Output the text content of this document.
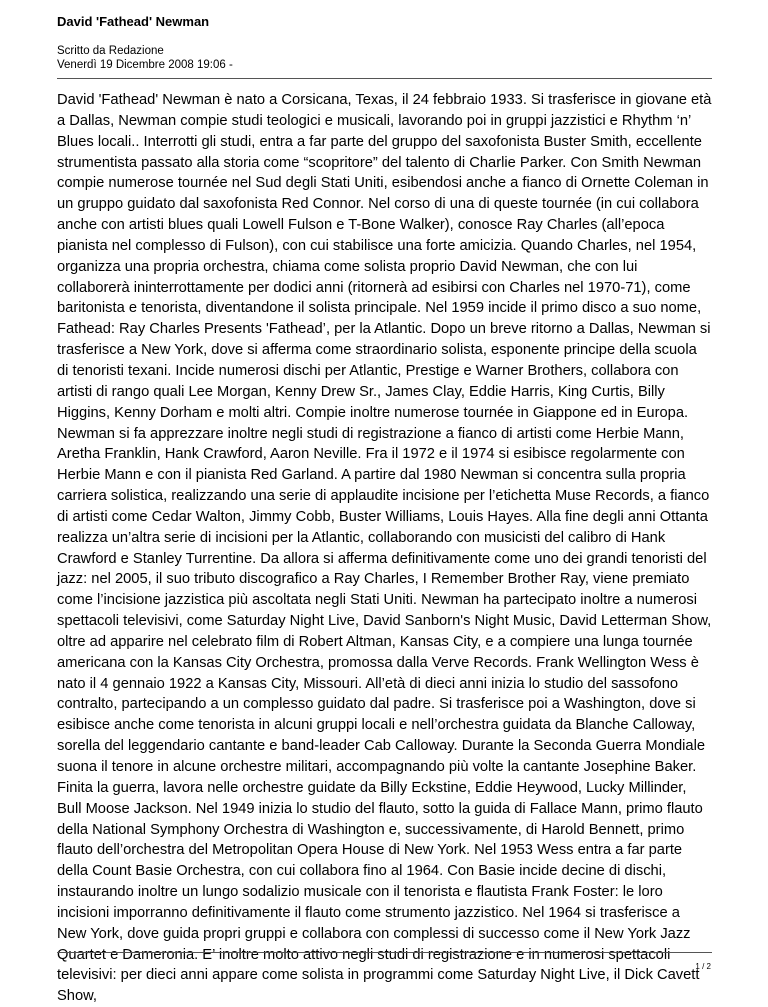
David 'Fathead' Newman
Scritto da Redazione
Venerdì 19 Dicembre 2008 19:06 -
David 'Fathead' Newman è nato a Corsicana, Texas, il 24 febbraio 1933. Si trasferisce in giovane età a Dallas, Newman compie studi teologici e musicali, lavorando poi in gruppi jazzistici e Rhythm ‘n’ Blues locali.. Interrotti gli studi, entra a far parte del gruppo del saxofonista Buster Smith, eccellente strumentista passato alla storia come “scopritore” del talento di Charlie Parker. Con Smith Newman compie numerose tournée nel Sud degli Stati Uniti, esibendosi anche a fianco di Ornette Coleman in un gruppo guidato dal saxofonista Red Connor. Nel corso di una di queste tournée (in cui collabora anche con artisti blues quali Lowell Fulson e T-Bone Walker), conosce Ray Charles (all’epoca pianista nel complesso di Fulson), con cui stabilisce una forte amicizia. Quando Charles, nel 1954, organizza una propria orchestra, chiama come solista proprio David Newman, che con lui collaborerà ininterrottamente per dodici anni (ritornerà ad esibirsi con Charles nel 1970-71), come baritonista e tenorista, diventandone il solista principale. Nel 1959 incide il primo disco a suo nome, Fathead: Ray Charles Presents 'Fathead’, per la Atlantic. Dopo un breve ritorno a Dallas, Newman si trasferisce a New York, dove si afferma come straordinario solista, esponente principe della scuola di tenoristi texani. Incide numerosi dischi per Atlantic, Prestige e Warner Brothers, collabora con artisti di rango quali Lee Morgan, Kenny Drew Sr., James Clay, Eddie Harris, King Curtis, Billy Higgins, Kenny Dorham e molti altri. Compie inoltre numerose tournée in Giappone ed in Europa. Newman si fa apprezzare inoltre negli studi di registrazione a fianco di artisti come Herbie Mann, Aretha Franklin, Hank Crawford, Aaron Neville. Fra il 1972 e il 1974 si esibisce regolarmente con Herbie Mann e con il pianista Red Garland. A partire dal 1980 Newman si concentra sulla propria carriera solistica, realizzando una serie di applaudite incisione per l’etichetta Muse Records, a fianco di artisti come Cedar Walton, Jimmy Cobb, Buster Williams, Louis Hayes. Alla fine degli anni Ottanta realizza un’altra serie di incisioni per la Atlantic, collaborando con musicisti del calibro di Hank Crawford e Stanley Turrentine. Da allora si afferma definitivamente come uno dei grandi tenoristi del jazz: nel 2005, il suo tributo discografico a Ray Charles, I Remember Brother Ray, viene premiato come l’incisione jazzistica più ascoltata negli Stati Uniti. Newman ha partecipato inoltre a numerosi spettacoli televisivi, come Saturday Night Live, David Sanborn's Night Music, David Letterman Show, oltre ad apparire nel celebrato film di Robert Altman, Kansas City, e a compiere una lunga tournée americana con la Kansas City Orchestra, promossa dalla Verve Records. Frank Wellington Wess è nato il 4 gennaio 1922 a Kansas City, Missouri. All’età di dieci anni inizia lo studio del sassofono contralto, partecipando a un complesso guidato dal padre. Si trasferisce poi a Washington, dove si esibisce anche come tenorista in alcuni gruppi locali e nell’orchestra guidata da Blanche Calloway, sorella del leggendario cantante e band-leader Cab Calloway. Durante la Seconda Guerra Mondiale suona il tenore in alcune orchestre militari, accompagnando più volte la cantante Josephine Baker. Finita la guerra, lavora nelle orchestre guidate da Billy Eckstine, Eddie Heywood, Lucky Millinder, Bull Moose Jackson. Nel 1949 inizia lo studio del flauto, sotto la guida di Fallace Mann, primo flauto della National Symphony Orchestra di Washington e, successivamente, di Harold Bennett, primo flauto dell’orchestra del Metropolitan Opera House di New York. Nel 1953 Wess entra a far parte della Count Basie Orchestra, con cui collabora fino al 1964. Con Basie incide decine di dischi, instaurando inoltre un lungo sodalizio musicale con il tenorista e flautista Frank Foster: le loro incisioni imporranno definitivamente il flauto come strumento jazzistico. Nel 1964 si trasferisce a New York, dove guida propri gruppi e collabora con complessi di successo come il New York Jazz Quartet e Dameronia. E’ inoltre molto attivo negli studi di registrazione e in numerosi spettacoli televisivi: per dieci anni appare come solista in programmi come Saturday Night Live, il Dick Cavett Show,
1 / 2
